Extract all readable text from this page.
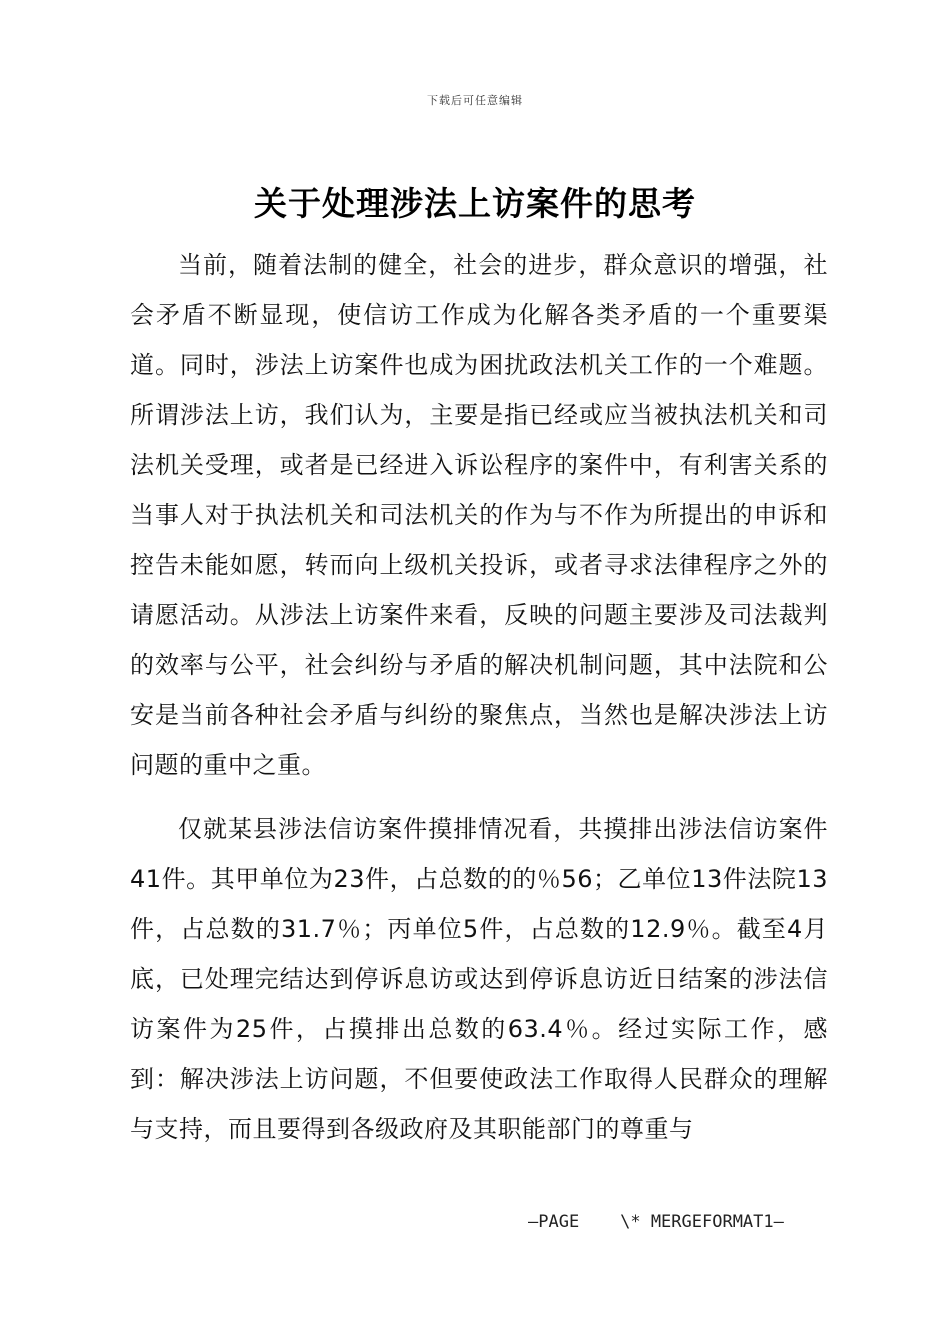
下载后可任意编辑
关于处理涉法上访案件的思考

当前，随着法制的健全，社会的进步，群众意识的增强，社会矛盾不断显现，使信访工作成为化解各类矛盾的一个重要渠道。同时，涉法上访案件也成为困扰政法机关工作的一个难题。所谓涉法上访，我们认为，主要是指已经或应当被执法机关和司法机关受理，或者是已经进入诉讼程序的案件中，有利害关系的当事人对于执法机关和司法机关的作为与不作为所提出的申诉和控告未能如愿，转而向上级机关投诉，或者寻求法律程序之外的请愿活动。从涉法上访案件来看，反映的问题主要涉及司法裁判的效率与公平，社会纠纷与矛盾的解决机制问题，其中法院和公安是当前各种社会矛盾与纠纷的聚焦点，当然也是解决涉法上访问题的重中之重。

仅就某县涉法信访案件摸排情况看，共摸排出涉法信访案件41件。其甲单位为23件，占总数的的％56；乙单位13件法院13件，占总数的31.7％；丙单位5件，占总数的12.9％。截至4月底，已处理完结达到停诉息访或达到停诉息访近日结案的涉法信访案件为25件，占摸排出总数的63.4％。经过实际工作，感到：解决涉法上访问题，不但要使政法工作取得人民群众的理解与支持，而且要得到各级政府及其职能部门的尊重与

—PAGE    \* MERGEFORMAT1—
